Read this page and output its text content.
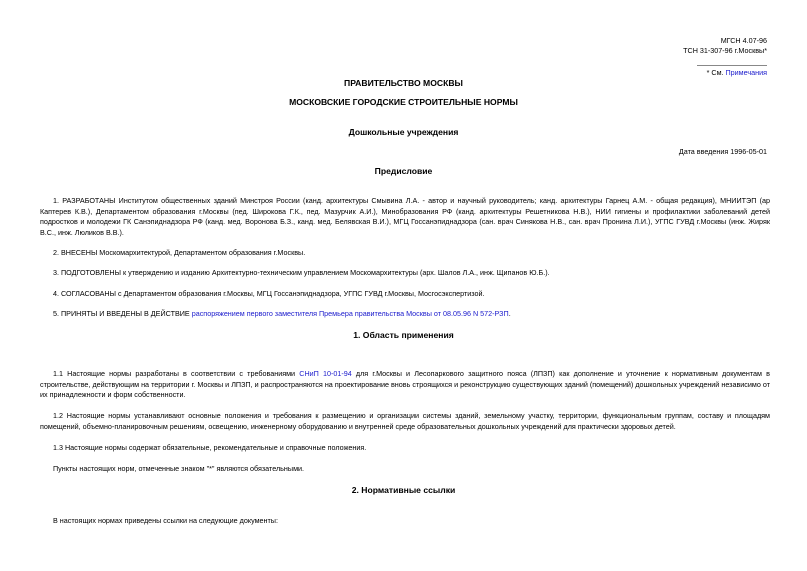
МГСН 4.07-96
ТСН 31-307-96 г.Москвы*
* См. Примечания
ПРАВИТЕЛЬСТВО МОСКВЫ
МОСКОВСКИЕ ГОРОДСКИЕ СТРОИТЕЛЬНЫЕ НОРМЫ
Дошкольные учреждения
Дата введения 1996-05-01
Предисловие
1. РАЗРАБОТАНЫ Институтом общественных зданий Минстроя России (канд. архитектуры Смывина Л.А. - автор и научный руководитель; канд. архитектуры Гарнец А.М. - общая редакция), МНИИТЭП (ар Каптерев К.В.), Департаментом образования г.Москвы (пед. Широкова Г.К., пед. Мазурчик А.И.), Минобразования РФ (канд. архитектуры Решетникова Н.В.), НИИ гигиены и профилактики заболеваний детей подростков и молодежи ГК Санэпиднадзора РФ (канд. мед. Воронова Б.З., канд. мед. Белявская В.И.), МГЦ Госсанэпиднадзора (сан. врач Синякова Н.В., сан. врач Пронина Л.И.), УГПС ГУВД г.Москвы (инж. Жиряк В.С., инж. Люликов В.В.).
2. ВНЕСЕНЫ Москомархитектурой, Департаментом образования г.Москвы.
3. ПОДГОТОВЛЕНЫ к утверждению и изданию Архитектурно-техническим управлением Москомархитектуры (арх. Шалов Л.А., инж. Щипанов Ю.Б.).
4. СОГЛАСОВАНЫ с Департаментом образования г.Москвы, МГЦ Госсанэпиднадзора, УГПС ГУВД г.Москвы, Мосгосэкспертизой.
5. ПРИНЯТЫ И ВВЕДЕНЫ В ДЕЙСТВИЕ распоряжением первого заместителя Премьера правительства Москвы от 08.05.96 N 572-РЗП.
1. Область применения
1.1 Настоящие нормы разработаны в соответствии с требованиями СНиП 10-01-94 для г.Москвы и Лесопаркового защитного пояса (ЛПЗП) как дополнение и уточнение к нормативным документам в строительстве, действующим на территории г. Москвы и ЛПЗП, и распространяются на проектирование вновь строящихся и реконструкцию существующих зданий (помещений) дошкольных учреждений независимо от их принадлежности и форм собственности.
1.2 Настоящие нормы устанавливают основные положения и требования к размещению и организации системы зданий, земельному участку, территории, функциональным группам, составу и площадям помещений, объемно-планировочным решениям, освещению, инженерному оборудованию и внутренней среде образовательных дошкольных учреждений для практически здоровых детей.
1.3 Настоящие нормы содержат обязательные, рекомендательные и справочные положения.
Пункты настоящих норм, отмеченные знаком "*" являются обязательными.
2. Нормативные ссылки
В настоящих нормах приведены ссылки на следующие документы:
